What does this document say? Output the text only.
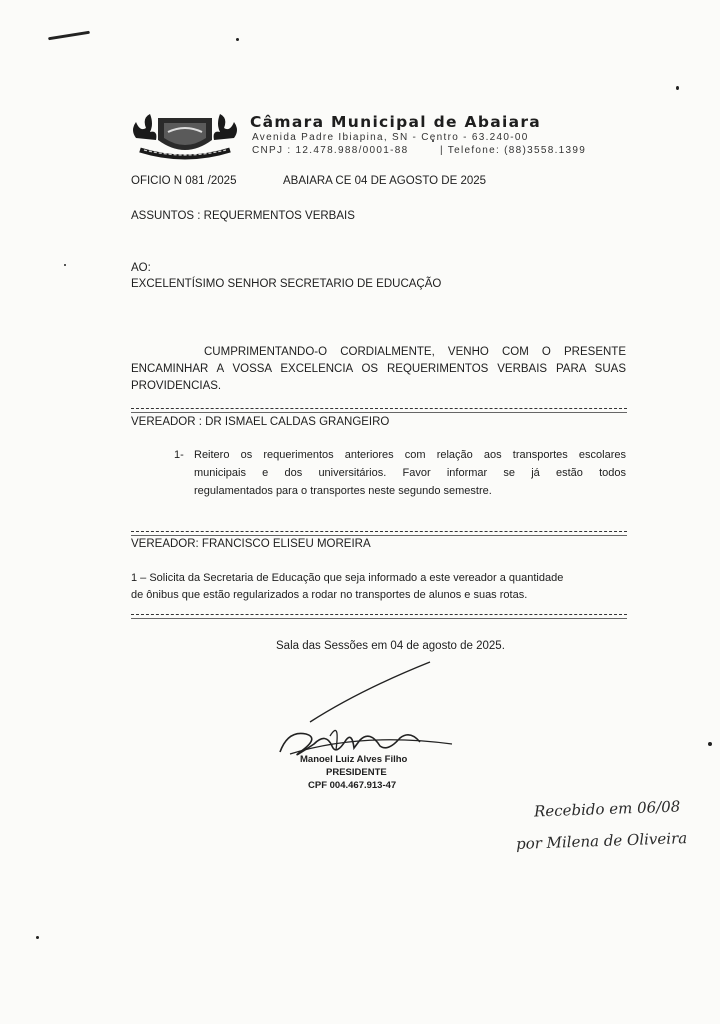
Câmara Municipal de Abaiara
Avenida Padre Ibiapina, SN - Centro - 63.240-00
CNPJ : 12.478.988/0001-88	| Telefone: (88)3558.1399
OFICIO N 081 /2025	ABAIARA CE 04 DE AGOSTO DE 2025
ASSUNTOS : REQUERMENTOS VERBAIS
AO:
EXCELENTÍSIMO SENHOR SECRETARIO DE EDUCAÇÃO
CUMPRIMENTANDO-O CORDIALMENTE, VENHO COM O PRESENTE
ENCAMINHAR A VOSSA EXCELENCIA OS REQUERIMENTOS VERBAIS PARA SUAS
PROVIDENCIAS.
VEREADOR : DR ISMAEL CALDAS GRANGEIRO
1- Reitero os requerimentos anteriores com relação aos transportes escolares
municipais e dos universitários. Favor informar se já estão todos
regulamentados para o transportes neste segundo semestre.
VEREADOR: FRANCISCO ELISEU MOREIRA
1 – Solicita da Secretaria de Educação que seja informado a este vereador a quantidade
de ônibus que estão regularizados a rodar no transportes de alunos e suas rotas.
Sala das Sessões em 04 de agosto de 2025.
Manoel Luiz Alves Filho
PRESIDENTE
CPF 004.467.913-47
Recebido em 06/08
por Milena de Oliveira
